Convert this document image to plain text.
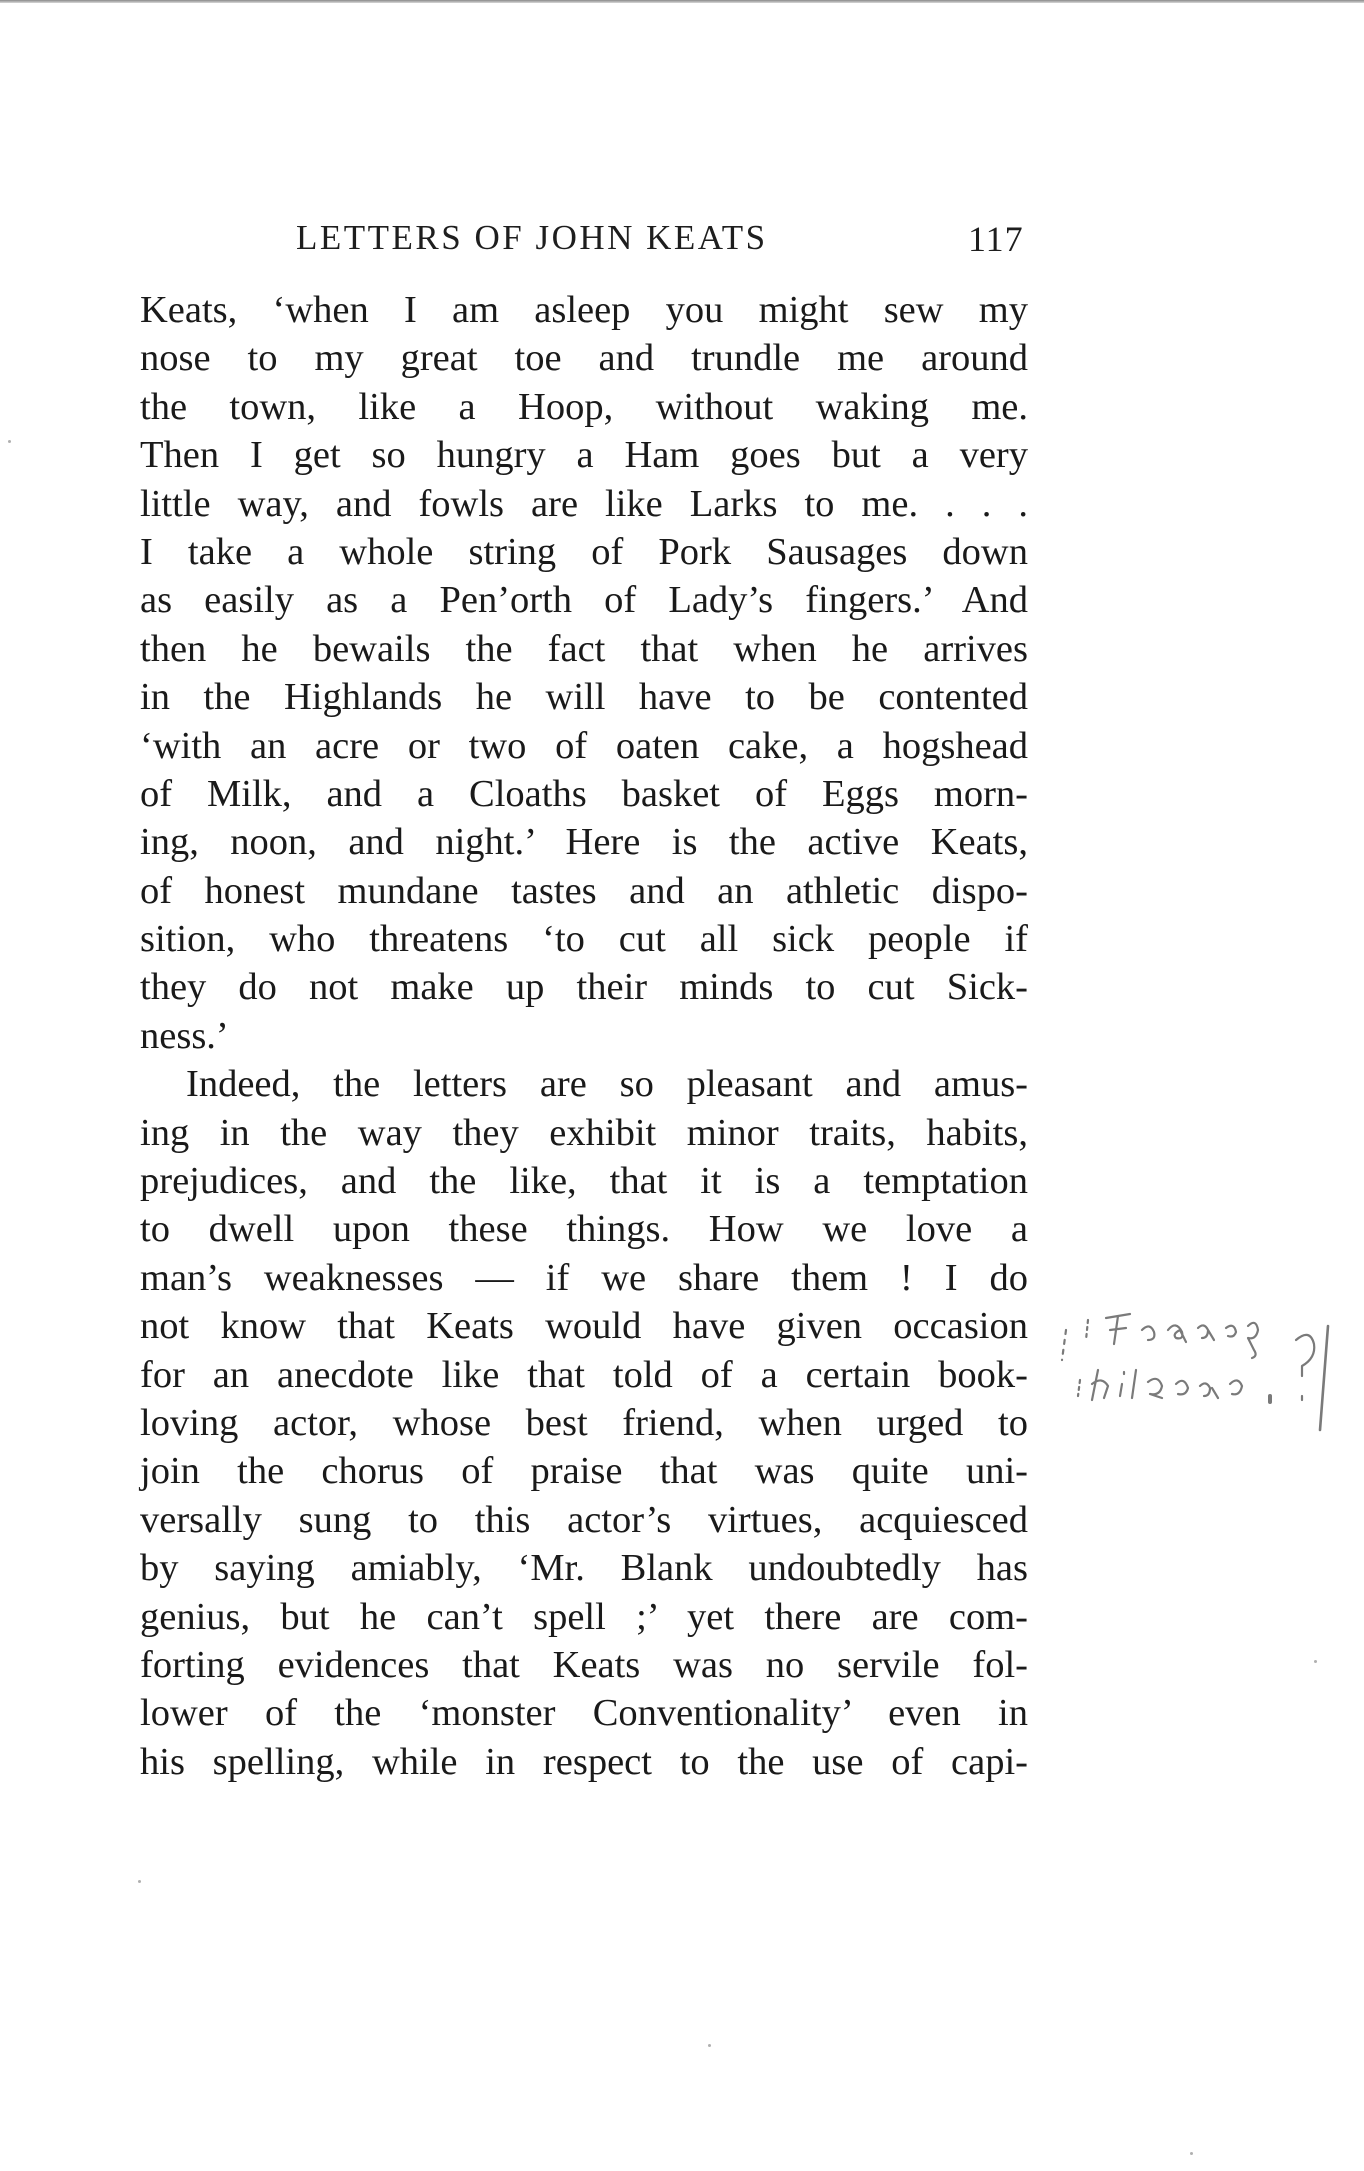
LETTERS OF JOHN KEATS	117
Keats, ‘when I am asleep you might sew my
nose to my great toe and trundle me around
the town, like a Hoop, without waking me.
Then I get so hungry a Ham goes but a very
little way, and fowls are like Larks to me. . . .
I take a whole string of Pork Sausages down
as easily as a Pen’orth of Lady’s fingers.’ And
then he bewails the fact that when he arrives
in the Highlands he will have to be contented
‘with an acre or two of oaten cake, a hogshead
of Milk, and a Cloaths basket of Eggs morn-
ing, noon, and night.’ Here is the active Keats,
of honest mundane tastes and an athletic dispo-
sition, who threatens ‘to cut all sick people if
they do not make up their minds to cut Sick-
ness.’
Indeed, the letters are so pleasant and amus-
ing in the way they exhibit minor traits, habits,
prejudices, and the like, that it is a temptation
to dwell upon these things. How we love a
man’s weaknesses — if we share them ! I do
not know that Keats would have given occasion
for an anecdote like that told of a certain book-
loving actor, whose best friend, when urged to
join the chorus of praise that was quite uni-
versally sung to this actor’s virtues, acquiesced
by saying amiably, ‘Mr. Blank undoubtedly has
genius, but he can’t spell ;’ yet there are com-
forting evidences that Keats was no servile fol-
lower of the ‘monster Conventionality’ even in
his spelling, while in respect to the use of capi-
